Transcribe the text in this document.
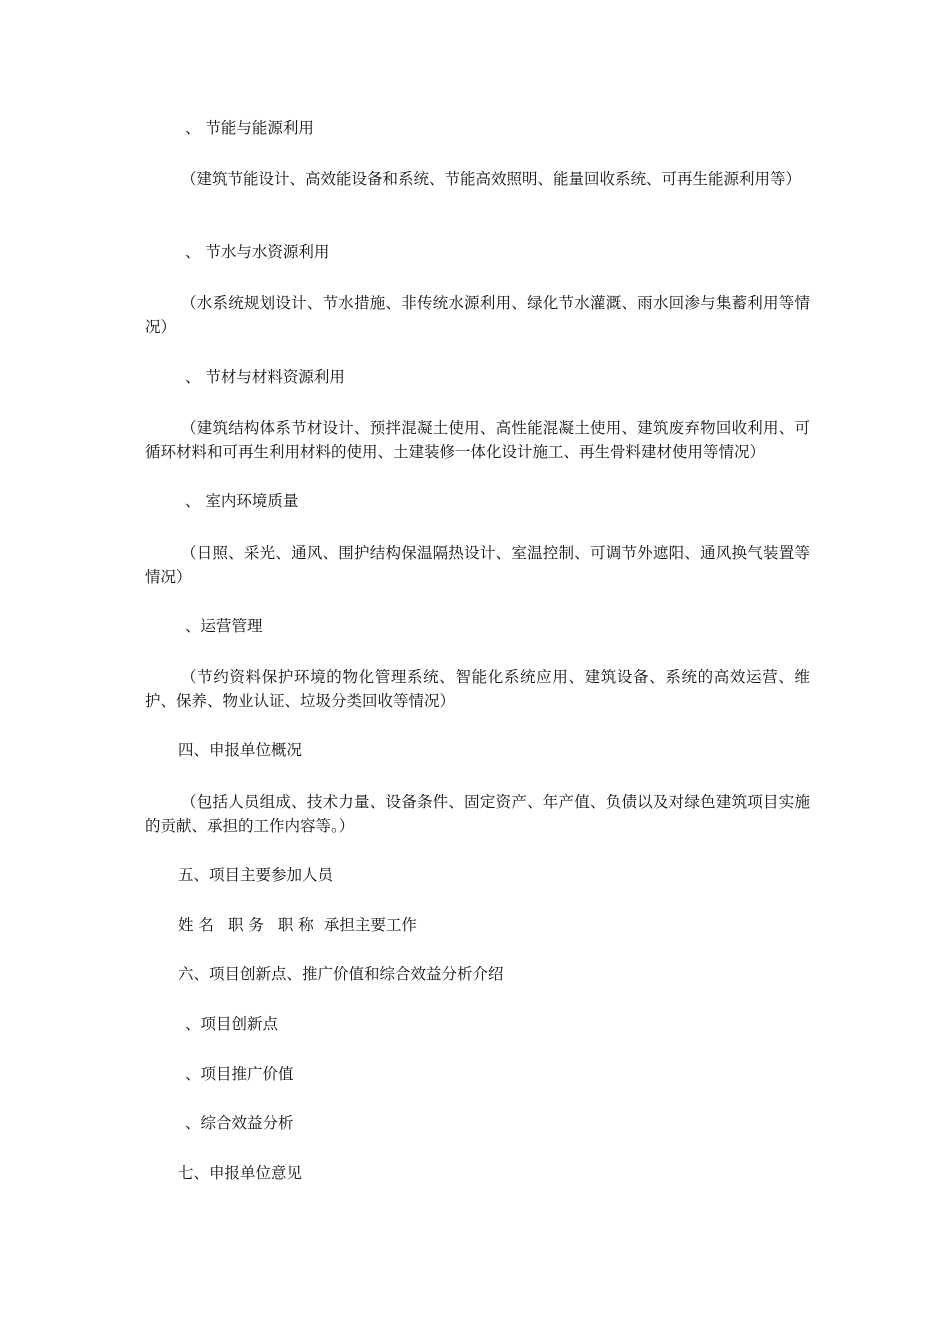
、 节能与能源利用
（建筑节能设计、高效能设备和系统、节能高效照明、能量回收系统、可再生能源利用等）
、 节水与水资源利用
（水系统规划设计、节水措施、非传统水源利用、绿化节水灌溉、雨水回渗与集蓄利用等情况）
、 节材与材料资源利用
（建筑结构体系节材设计、预拌混凝土使用、高性能混凝土使用、建筑废弃物回收利用、可循环材料和可再生利用材料的使用、土建装修一体化设计施工、再生骨料建材使用等情况）
、 室内环境质量
（日照、采光、通风、围护结构保温隔热设计、室温控制、可调节外遮阳、通风换气装置等情况）
、运营管理
（节约资料保护环境的物化管理系统、智能化系统应用、建筑设备、系统的高效运营、维护、保养、物业认证、垃圾分类回收等情况）
四、申报单位概况
（包括人员组成、技术力量、设备条件、固定资产、年产值、负债以及对绿色建筑项目实施的贡献、承担的工作内容等。）
五、项目主要参加人员
姓 名 职 务 职 称 承担主要工作
六、项目创新点、推广价值和综合效益分析介绍
、项目创新点
、项目推广价值
、综合效益分析
七、申报单位意见
